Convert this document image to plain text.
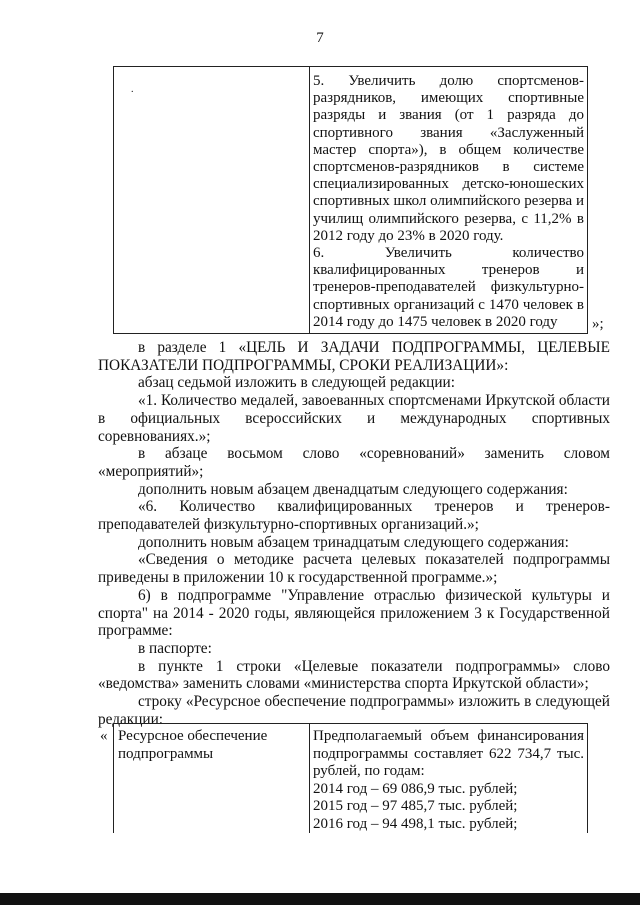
7
.

5. Увеличить долю спортсменов-разрядников, имеющих спортивные разряды и звания (от 1 разряда до спортивного звания «Заслуженный мастер спорта»), в общем количестве спортсменов-разрядников в системе специализированных детско-юношеских спортивных школ олимпийского резерва и училищ олимпийского резерва, с 11,2% в 2012 году до 23% в 2020 году.

6. Увеличить количество квалифицированных тренеров и тренеров-преподавателей физкультурно-спортивных организаций с 1470 человек в 2014 году до 1475 человек в 2020 году	»;

в разделе 1 «ЦЕЛЬ И ЗАДАЧИ ПОДПРОГРАММЫ, ЦЕЛЕВЫЕ ПОКАЗАТЕЛИ ПОДПРОГРАММЫ, СРОКИ РЕАЛИЗАЦИИ»:

абзац седьмой изложить в следующей редакции:

«1. Количество медалей, завоеванных спортсменами Иркутской области в официальных всероссийских и международных спортивных соревнованиях.»;

в абзаце восьмом слово «соревнований» заменить словом «мероприятий»;

дополнить новым абзацем двенадцатым следующего содержания:

«6. Количество квалифицированных тренеров и тренеров-преподавателей физкультурно-спортивных организаций.»;

дополнить новым абзацем тринадцатым следующего содержания:

«Сведения о методике расчета целевых показателей подпрограммы приведены в приложении 10 к государственной программе.»;

6) в подпрограмме "Управление отраслью физической культуры и спорта" на 2014 - 2020 годы, являющейся приложением 3 к Государственной программе:

в паспорте:

в пункте 1 строки «Целевые показатели подпрограммы» слово «ведомства» заменить словами «министерства спорта Иркутской области»;

строку «Ресурсное обеспечение подпрограммы» изложить в следующей редакции:

« Ресурсное обеспечение подпрограммы

Предполагаемый объем финансирования подпрограммы составляет 622 734,7 тыс. рублей, по годам:

2014 год – 69 086,9 тыс. рублей;

2015 год – 97 485,7 тыс. рублей;

2016 год – 94 498,1 тыс. рублей;
